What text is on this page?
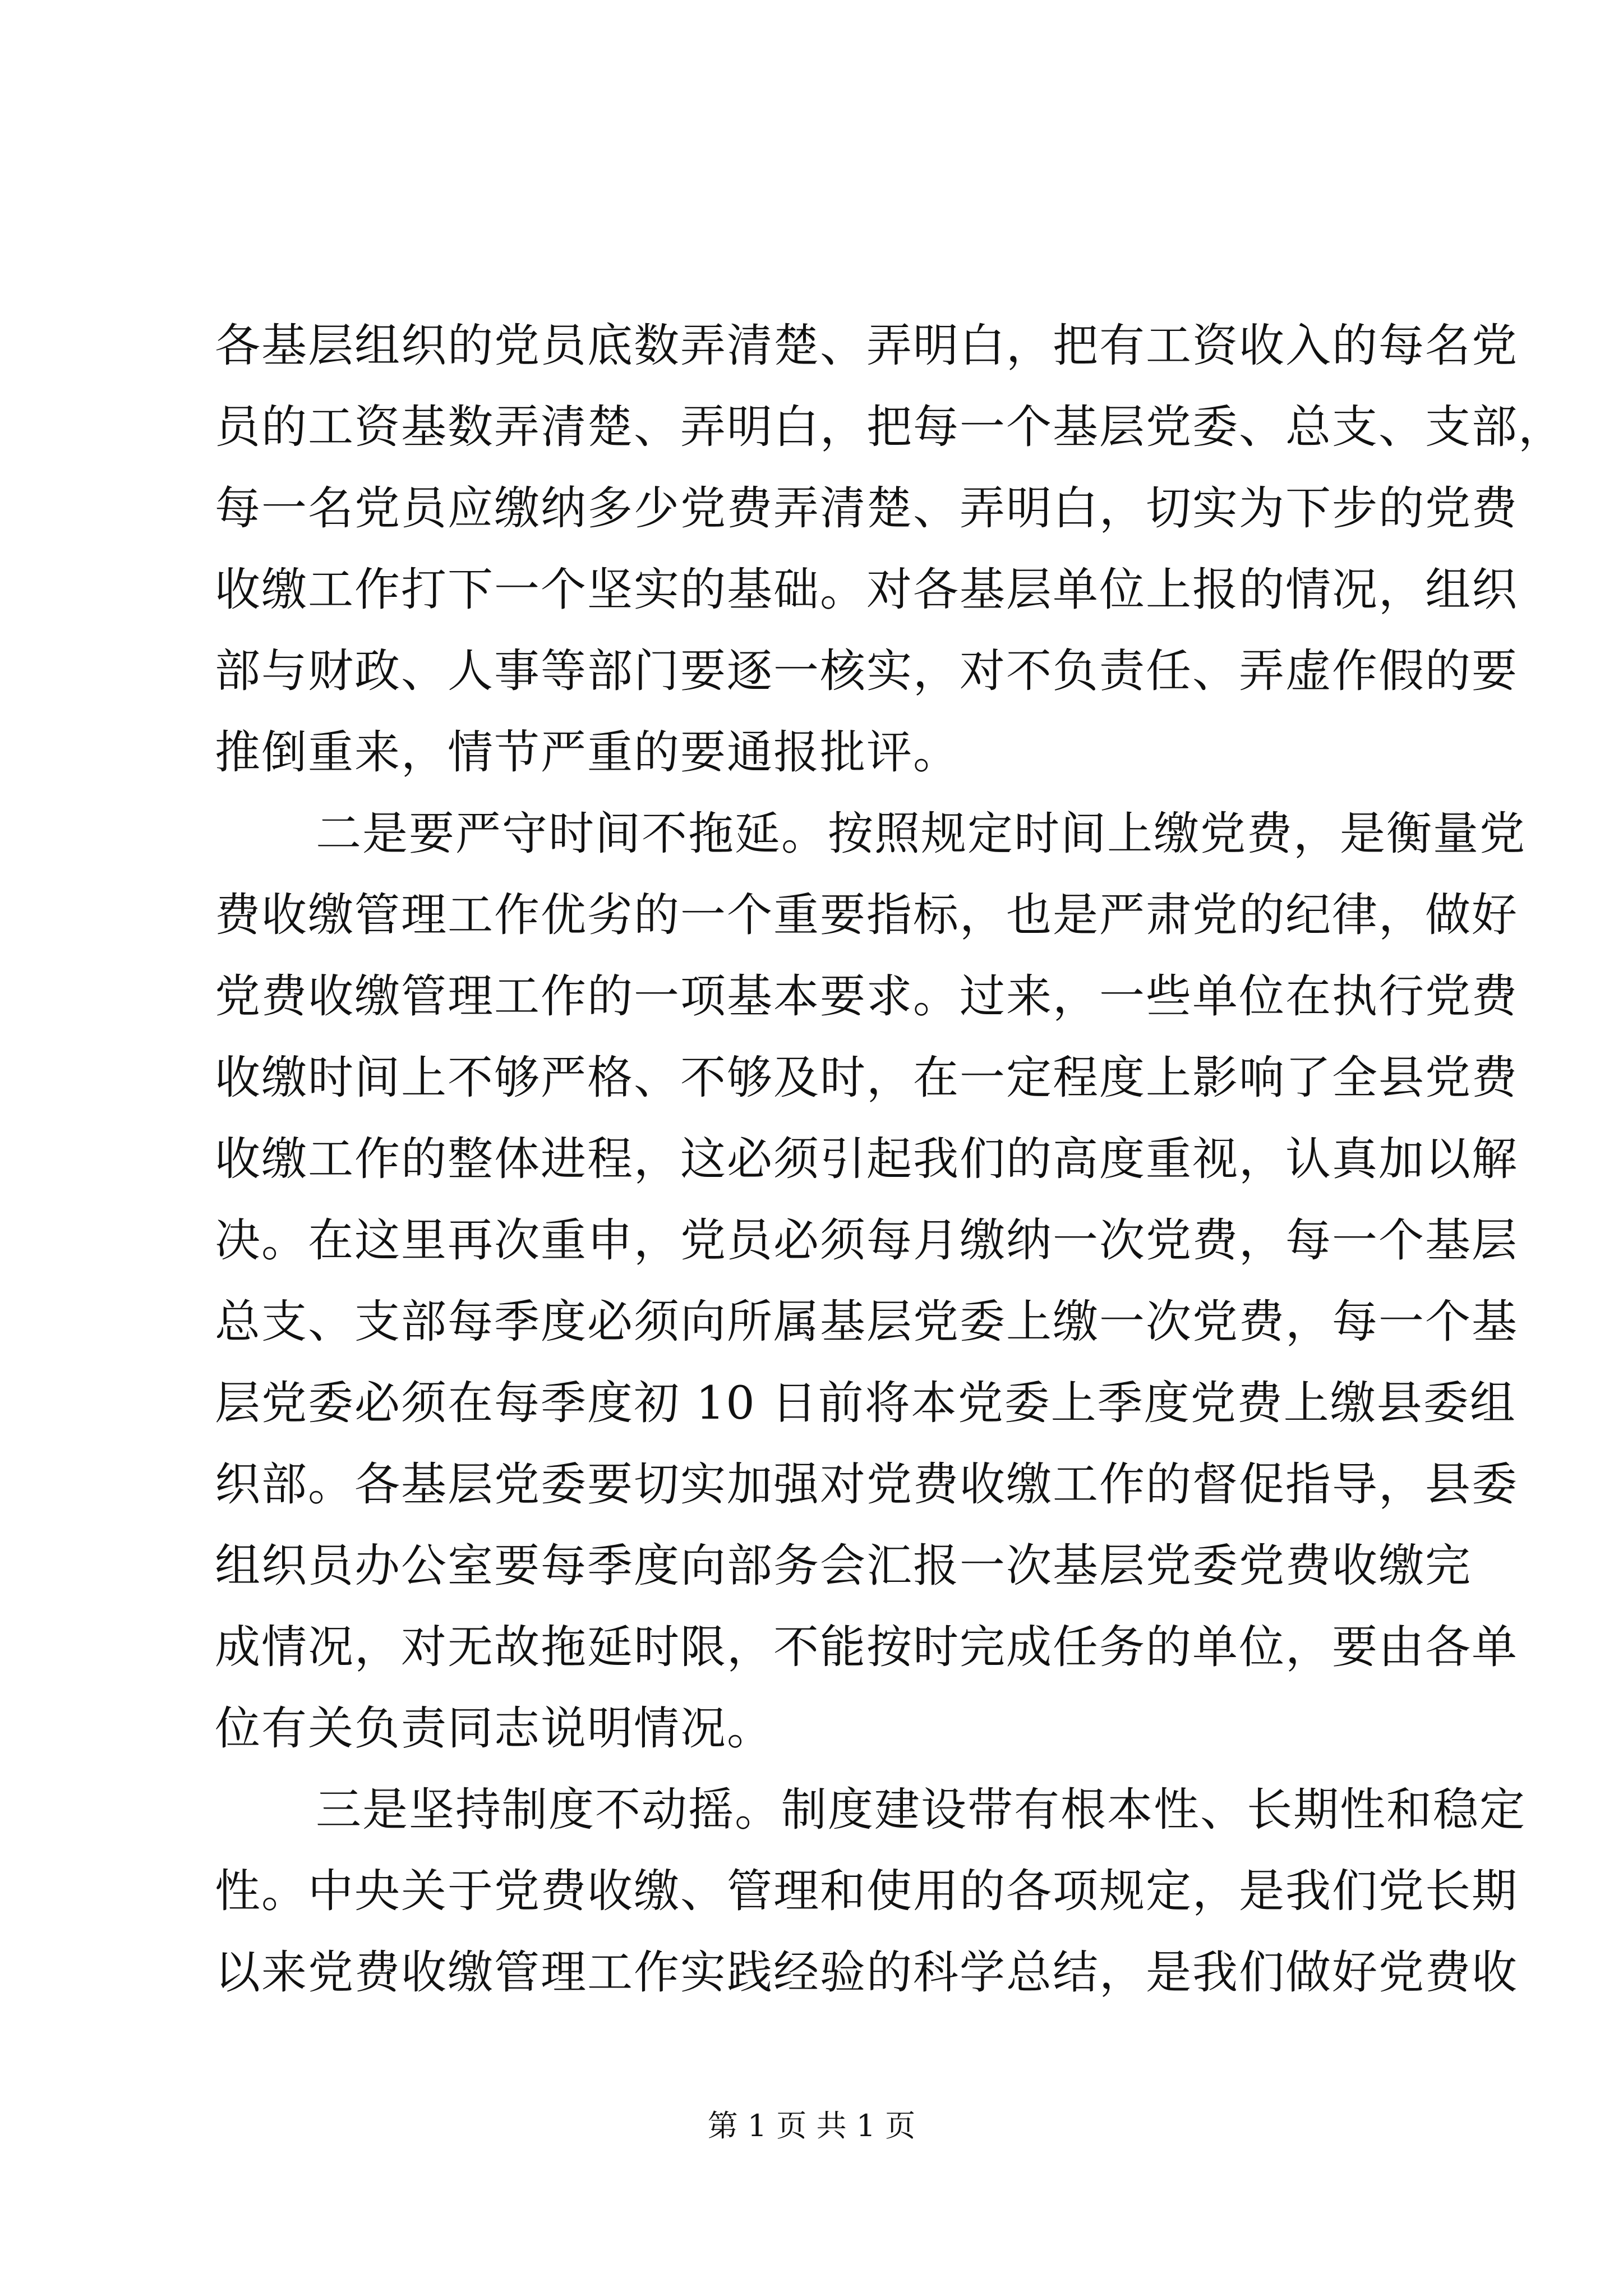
各基层组织的党员底数弄清楚、弄明白，把有工资收入的每名党
员的工资基数弄清楚、弄明白，把每一个基层党委、总支、支部，
每一名党员应缴纳多少党费弄清楚、弄明白，切实为下步的党费
收缴工作打下一个坚实的基础。对各基层单位上报的情况，组织
部与财政、人事等部门要逐一核实，对不负责任、弄虚作假的要
推倒重来，情节严重的要通报批评。
二是要严守时间不拖延。按照规定时间上缴党费，是衡量党
费收缴管理工作优劣的一个重要指标，也是严肃党的纪律，做好
党费收缴管理工作的一项基本要求。过来，一些单位在执行党费
收缴时间上不够严格、不够及时，在一定程度上影响了全县党费
收缴工作的整体进程，这必须引起我们的高度重视，认真加以解
决。在这里再次重申，党员必须每月缴纳一次党费，每一个基层
总支、支部每季度必须向所属基层党委上缴一次党费，每一个基
层党委必须在每季度初 10 日前将本党委上季度党费上缴县委组
织部。各基层党委要切实加强对党费收缴工作的督促指导，县委
组织员办公室要每季度向部务会汇报一次基层党委党费收缴完
成情况，对无故拖延时限，不能按时完成任务的单位，要由各单
位有关负责同志说明情况。
三是坚持制度不动摇。制度建设带有根本性、长期性和稳定
性。中央关于党费收缴、管理和使用的各项规定，是我们党长期
以来党费收缴管理工作实践经验的科学总结，是我们做好党费收
第 1 页 共 1 页
